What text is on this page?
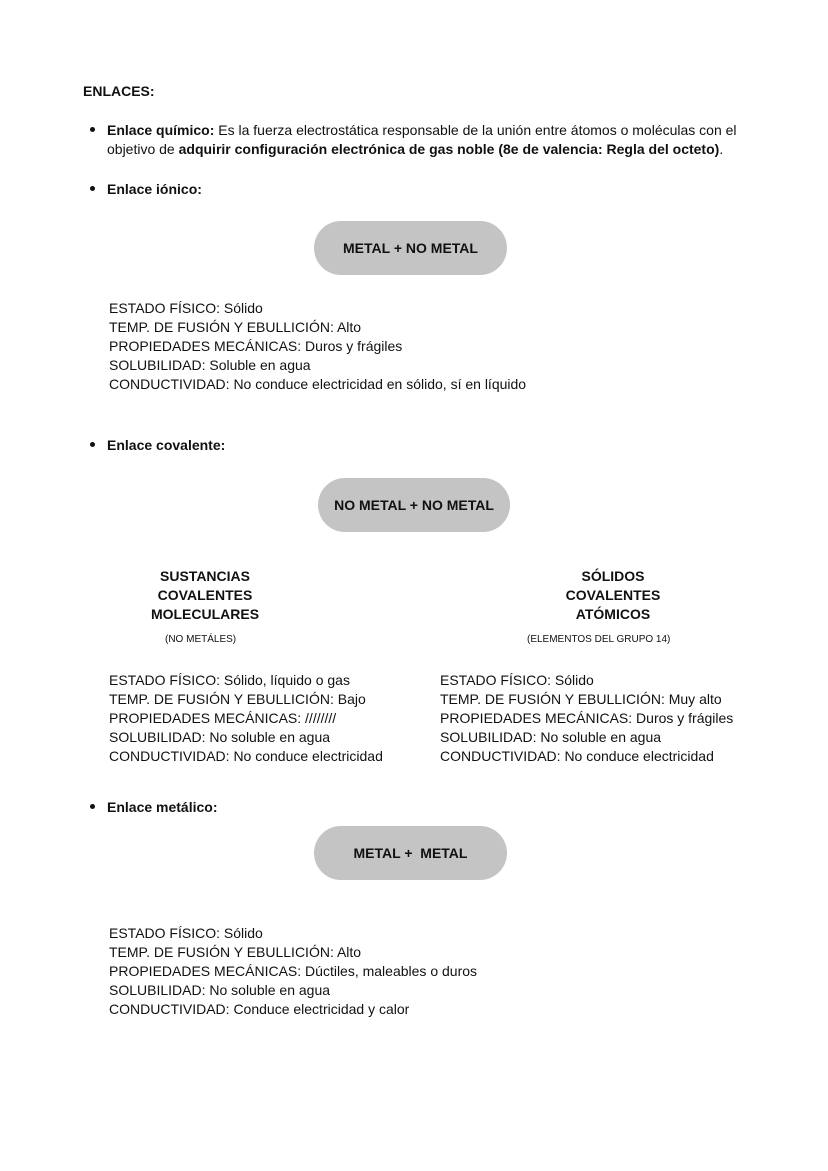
ENLACES:
Enlace químico: Es la fuerza electrostática responsable de la unión entre átomos o moléculas con el objetivo de adquirir configuración electrónica de gas noble (8e de valencia: Regla del octeto).
Enlace iónico:
METAL + NO METAL
ESTADO FÍSICO: Sólido
TEMP. DE FUSIÓN Y EBULLICIÓN: Alto
PROPIEDADES MECÁNICAS: Duros y frágiles
SOLUBILIDAD: Soluble en agua
CONDUCTIVIDAD: No conduce electricidad en sólido, sí en líquido
Enlace covalente:
NO METAL + NO METAL
SUSTANCIAS
COVALENTES
MOLECULARES
(NO METÁLES)
ESTADO FÍSICO: Sólido, líquido o gas
TEMP. DE FUSIÓN Y EBULLICIÓN: Bajo
PROPIEDADES MECÁNICAS: ////////
SOLUBILIDAD: No soluble en agua
CONDUCTIVIDAD: No conduce electricidad
SÓLIDOS
COVALENTES
ATÓMICOS
(ELEMENTOS DEL GRUPO 14)
ESTADO FÍSICO: Sólido
TEMP. DE FUSIÓN Y EBULLICIÓN: Muy alto
PROPIEDADES MECÁNICAS: Duros y frágiles
SOLUBILIDAD: No soluble en agua
CONDUCTIVIDAD: No conduce electricidad
Enlace metálico:
METAL +  METAL
ESTADO FÍSICO: Sólido
TEMP. DE FUSIÓN Y EBULLICIÓN: Alto
PROPIEDADES MECÁNICAS: Dúctiles, maleables o duros
SOLUBILIDAD: No soluble en agua
CONDUCTIVIDAD: Conduce electricidad y calor
